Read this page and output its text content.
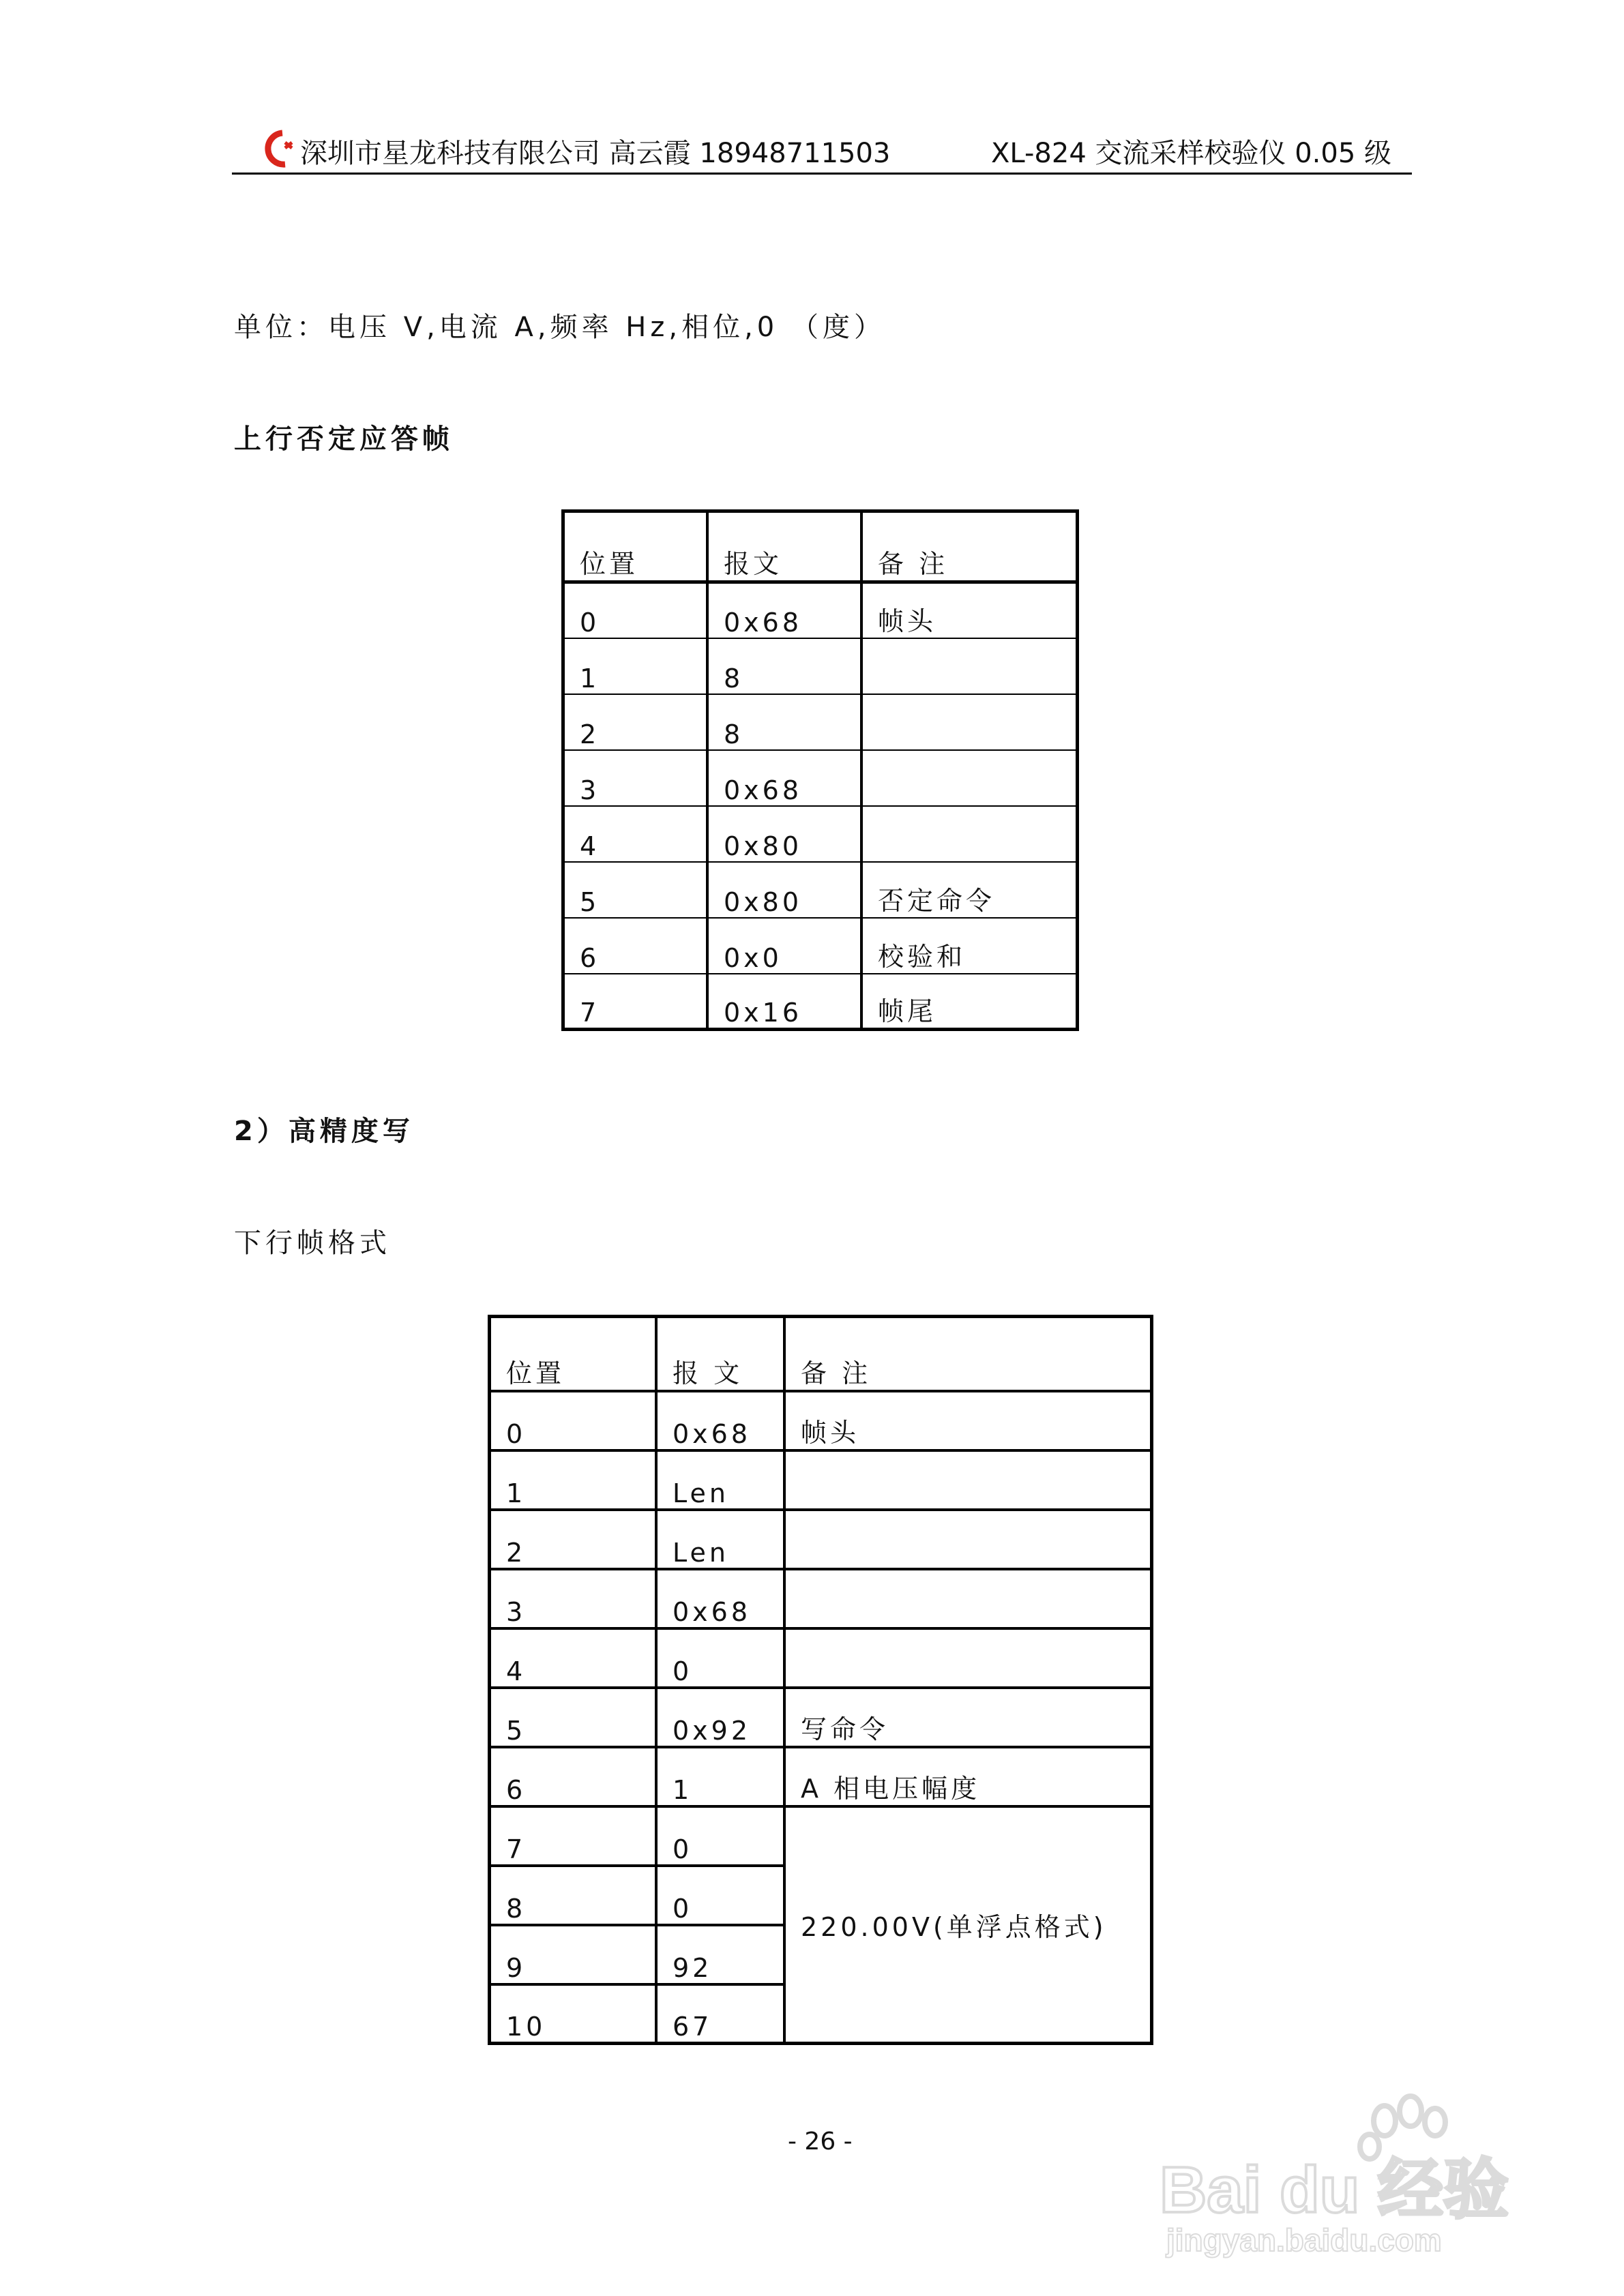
深圳市星龙科技有限公司 高云霞 18948711503	XL-824 交流采样校验仪 0.05 级
单位：电压 V,电流 A,频率 Hz,相位,0 （度）
上行否定应答帧
位置	报文	备 注
0	0x68	帧头
1	8	
2	8	
3	0x68	
4	0x80	
5	0x80	否定命令
6	0x0	校验和
7	0x16	帧尾
2）高精度写
下行帧格式
位置	报 文	备 注
0	0x68	帧头
1	Len	
2	Len	
3	0x68	
4	0	
5	0x92	写命令
6	1	A 相电压幅度
7	0	220.00V(单浮点格式)
8	0	
9	92	
10	67	
- 26 -
Bai du 经验
jingyan.baidu.com
